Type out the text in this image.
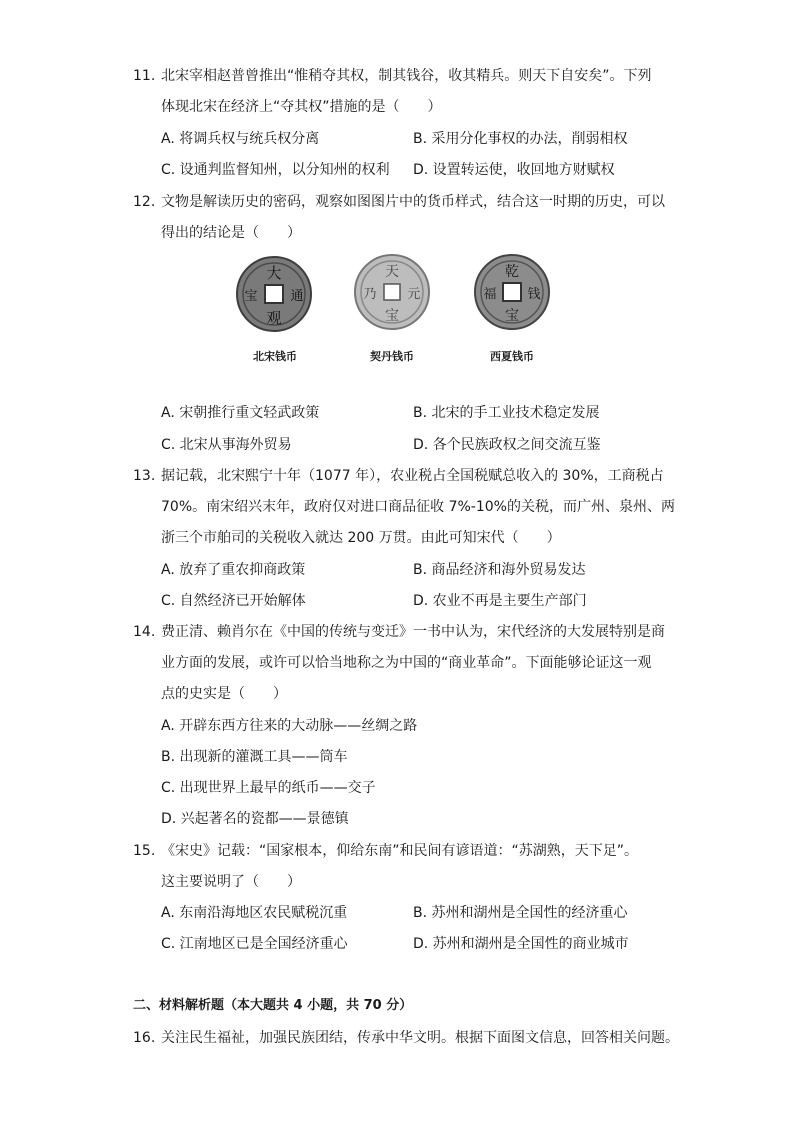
11. 北宋宰相赵普曾推出“惟稍夺其权，制其钱谷，收其精兵。则天下自安矣”。下列
体现北宋在经济上“夺其权”措施的是（　　）
A. 将调兵权与统兵权分离	B. 采用分化事权的办法，削弱相权
C. 设通判监督知州，以分知州的权利 D. 设置转运使，收回地方财赋权
12. 文物是解读历史的密码，观察如图图片中的货币样式，结合这一时期的历史，可以
得出的结论是（　　）
大
通
观
宝
北宋钱币
天
元
宝
乃
契丹钱币
乾
钱
宝
福
西夏钱币
A. 宋朝推行重文轻武政策	B. 北宋的手工业技术稳定发展
C. 北宋从事海外贸易	D. 各个民族政权之间交流互鉴
13. 据记载，北宋熙宁十年（1077 年），农业税占全国税赋总收入的 30%，工商税占
70%。南宋绍兴末年，政府仅对进口商品征收 7%-10%的关税，而广州、泉州、两
浙三个市舶司的关税收入就达 200 万贯。由此可知宋代（　　）
A. 放弃了重农抑商政策	B. 商品经济和海外贸易发达
C. 自然经济已开始解体	D. 农业不再是主要生产部门
14. 费正清、赖肖尔在《中国的传统与变迁》一书中认为，宋代经济的大发展特别是商
业方面的发展，或许可以恰当地称之为中国的“商业革命”。下面能够论证这一观
点的史实是（　　）
A. 开辟东西方往来的大动脉——丝绸之路
B. 出现新的灌溉工具——筒车
C. 出现世界上最早的纸币——交子
D. 兴起著名的瓷都——景德镇
15. 《宋史》记载：“国家根本，仰给东南”和民间有谚语道：“苏湖熟，天下足”。
这主要说明了（　　）
A. 东南沿海地区农民赋税沉重	B. 苏州和湖州是全国性的经济重心
C. 江南地区已是全国经济重心	D. 苏州和湖州是全国性的商业城市
二、材料解析题（本大题共 4 小题，共 70 分）
16. 关注民生福祉，加强民族团结，传承中华文明。根据下面图文信息，回答相关问题。
